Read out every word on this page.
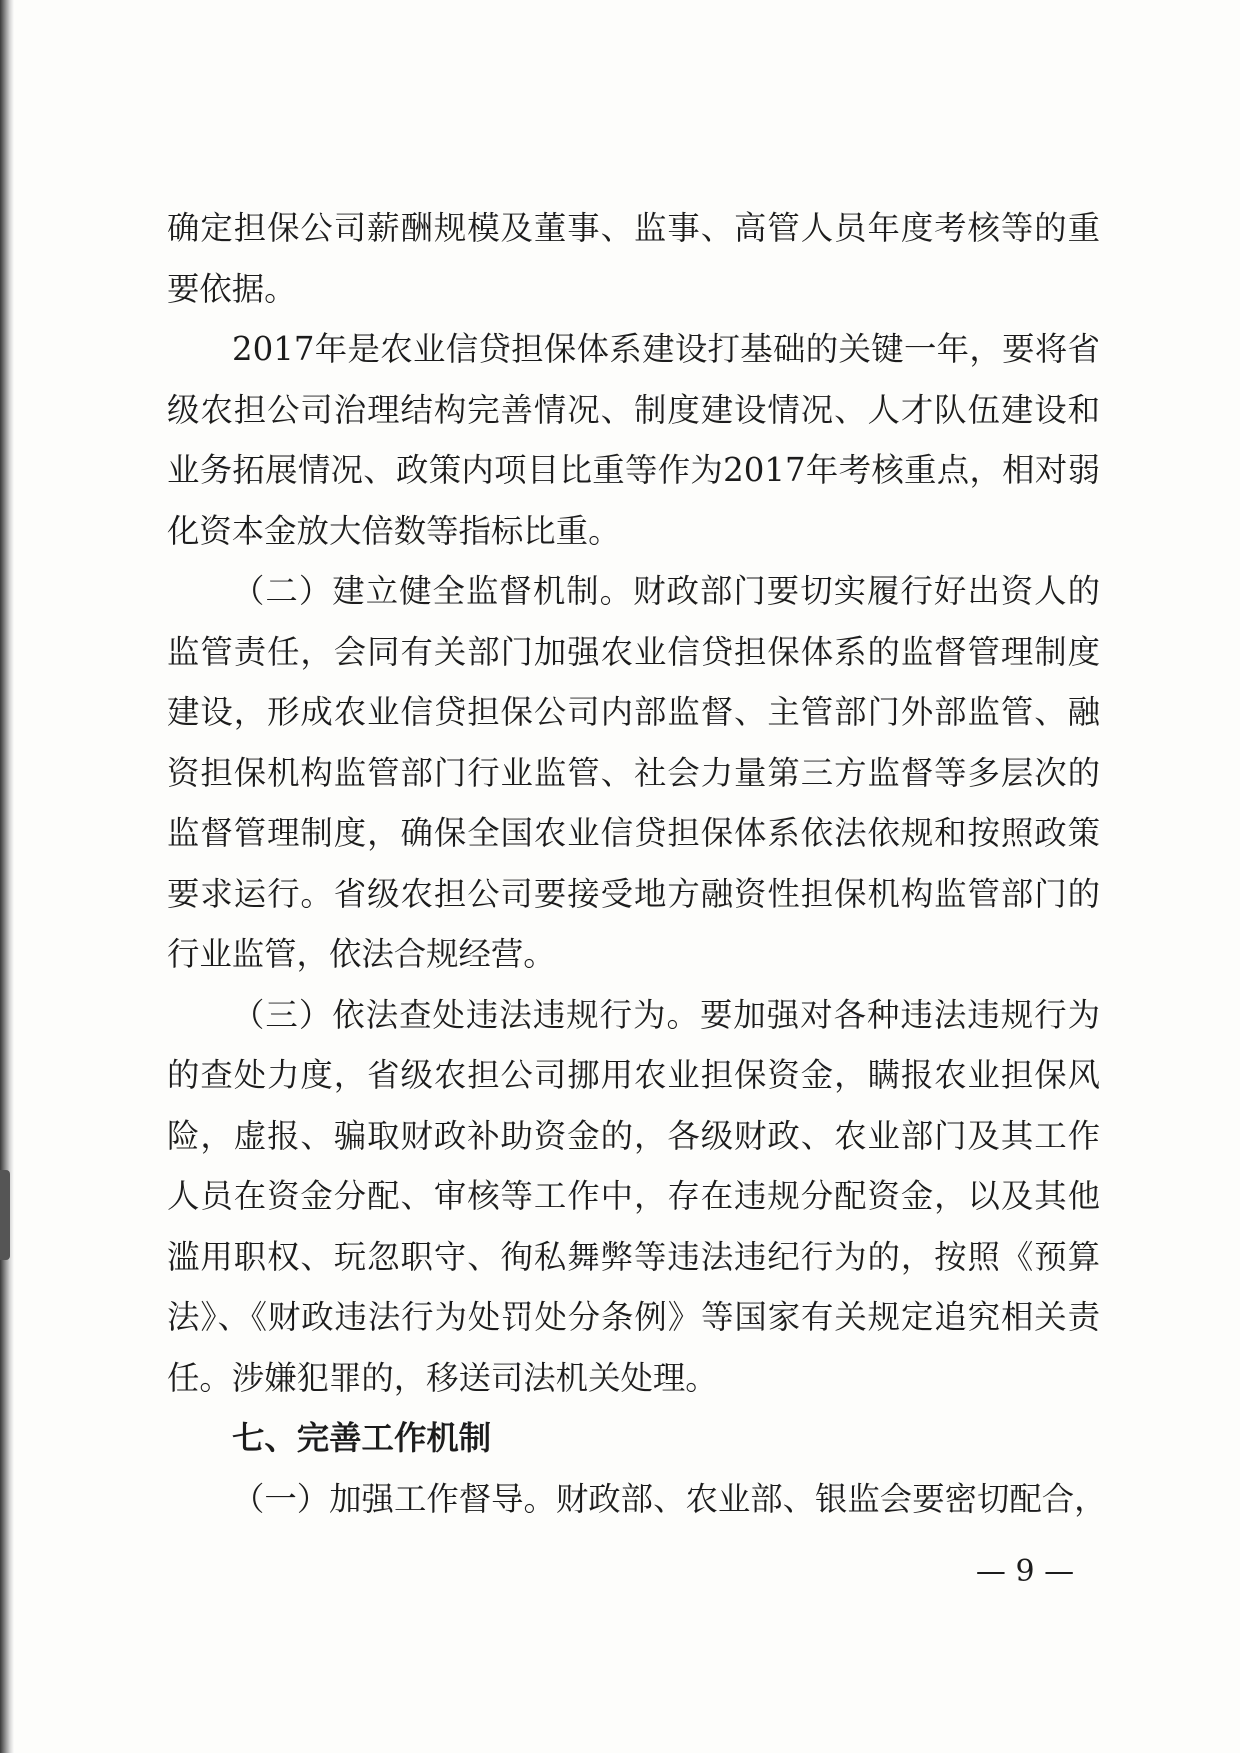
确定担保公司薪酬规模及董事、监事、高管人员年度考核等的重
要依据。
2017年是农业信贷担保体系建设打基础的关键一年，要将省
级农担公司治理结构完善情况、制度建设情况、人才队伍建设和
业务拓展情况、政策内项目比重等作为2017年考核重点，相对弱
化资本金放大倍数等指标比重。
（二）建立健全监督机制。财政部门要切实履行好出资人的
监管责任，会同有关部门加强农业信贷担保体系的监督管理制度
建设，形成农业信贷担保公司内部监督、主管部门外部监管、融
资担保机构监管部门行业监管、社会力量第三方监督等多层次的
监督管理制度，确保全国农业信贷担保体系依法依规和按照政策
要求运行。省级农担公司要接受地方融资性担保机构监管部门的
行业监管，依法合规经营。
（三）依法查处违法违规行为。要加强对各种违法违规行为
的查处力度，省级农担公司挪用农业担保资金，瞒报农业担保风
险，虚报、骗取财政补助资金的，各级财政、农业部门及其工作
人员在资金分配、审核等工作中，存在违规分配资金，以及其他
滥用职权、玩忽职守、徇私舞弊等违法违纪行为的，按照《预算
法》、《财政违法行为处罚处分条例》等国家有关规定追究相关责
任。涉嫌犯罪的，移送司法机关处理。
七、完善工作机制
（一）加强工作督导。财政部、农业部、银监会要密切配合，
— 9 —
